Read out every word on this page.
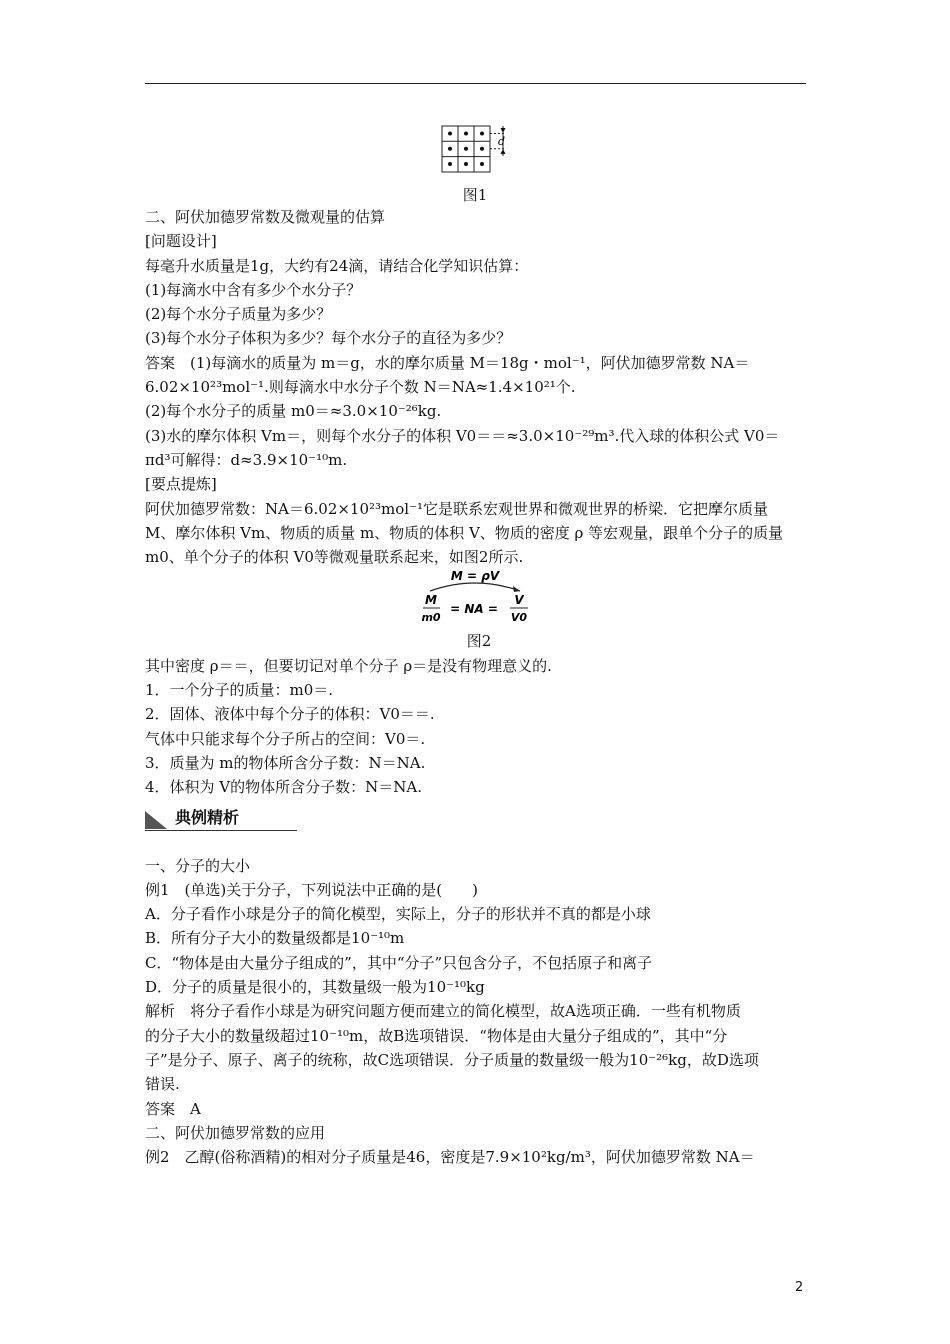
d
图1

二、阿伏加德罗常数及微观量的估算

[问题设计]

每毫升水质量是1g，大约有24滴，请结合化学知识估算：

(1)每滴水中含有多少个水分子？

(2)每个水分子质量为多少？

(3)每个水分子体积为多少？每个水分子的直径为多少？

答案　(1)每滴水的质量为 m＝g，水的摩尔质量 M＝18g・mol⁻¹，阿伏加德罗常数 NA＝

6.02×10²³mol⁻¹.则每滴水中水分子个数 N＝NA≈1.4×10²¹个.

(2)每个水分子的质量 m0＝≈3.0×10⁻²⁶kg.

(3)水的摩尔体积 Vm＝，则每个水分子的体积 V0＝＝≈3.0×10⁻²⁹m³.代入球的体积公式 V0＝

πd³可解得：d≈3.9×10⁻¹⁰m.

[要点提炼]

阿伏加德罗常数：NA＝6.02×10²³mol⁻¹它是联系宏观世界和微观世界的桥梁．它把摩尔质量

M、摩尔体积 Vm、物质的质量 m、物质的体积 V、物质的密度 ρ 等宏观量，跟单个分子的质量

m0、单个分子的体积 V0等微观量联系起来，如图2所示.

M = ρV
M
m0
= NA =
V
V0

图2

其中密度 ρ＝＝，但要切记对单个分子 ρ＝是没有物理意义的.

1．一个分子的质量：m0＝.

2．固体、液体中每个分子的体积：V0＝＝.

气体中只能求每个分子所占的空间：V0＝.

3．质量为 m的物体所含分子数：N＝NA.

4．体积为 V的物体所含分子数：N＝NA.

典例精析

一、分子的大小

例1　(单选)关于分子，下列说法中正确的是(　　)

A．分子看作小球是分子的简化模型，实际上，分子的形状并不真的都是小球

B．所有分子大小的数量级都是10⁻¹⁰m

C．“物体是由大量分子组成的”，其中“分子”只包含分子，不包括原子和离子

D．分子的质量是很小的，其数量级一般为10⁻¹⁰kg

解析　将分子看作小球是为研究问题方便而建立的简化模型，故A选项正确．一些有机物质

的分子大小的数量级超过10⁻¹⁰m，故B选项错误．“物体是由大量分子组成的”，其中“分

子”是分子、原子、离子的统称，故C选项错误．分子质量的数量级一般为10⁻²⁶kg，故D选项

错误.

答案　A

二、阿伏加德罗常数的应用

例2　乙醇(俗称酒精)的相对分子质量是46，密度是7.9×10²kg/m³，阿伏加德罗常数 NA＝

2
